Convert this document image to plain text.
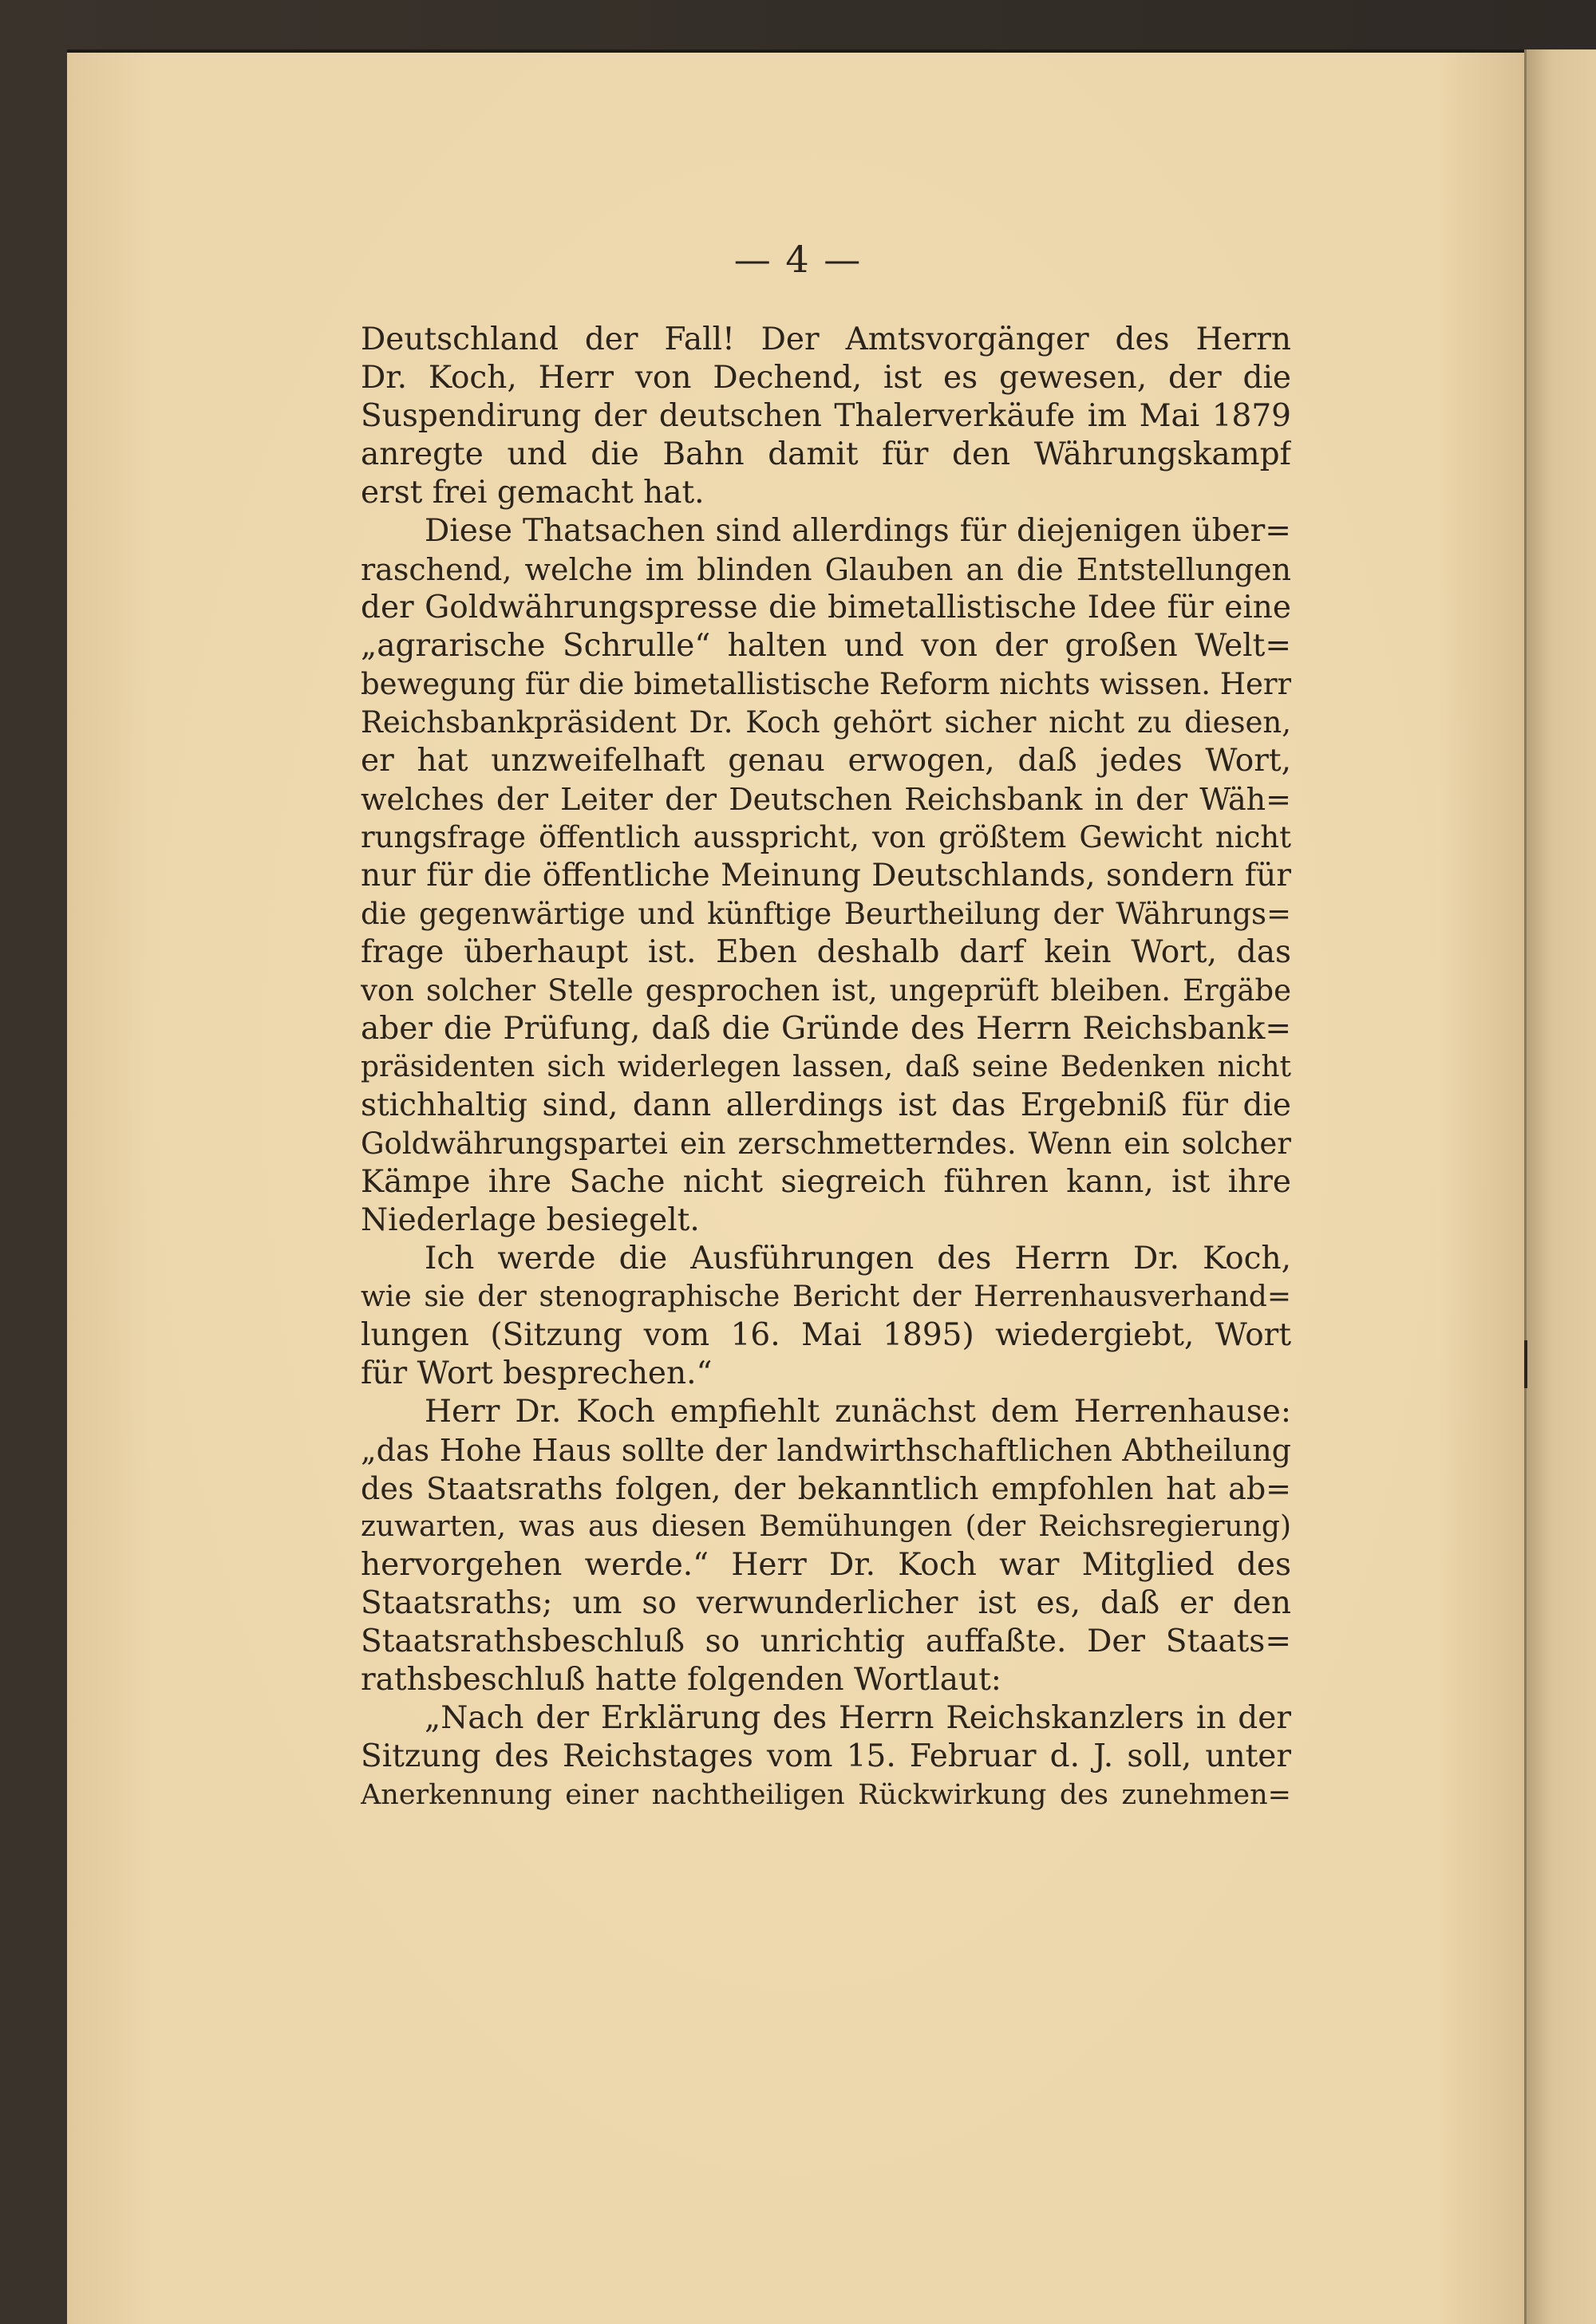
— 4 —
Deutschland der Fall! Der Amtsvorgänger des Herrn
Dr. Koch, Herr von Dechend, ist es gewesen, der die
Suspendirung der deutschen Thalerverkäufe im Mai 1879
anregte und die Bahn damit für den Währungskampf
erst frei gemacht hat.
Diese Thatsachen sind allerdings für diejenigen über=
raschend, welche im blinden Glauben an die Entstellungen
der Goldwährungspresse die bimetallistische Idee für eine
„agrarische Schrulle“ halten und von der großen Welt=
bewegung für die bimetallistische Reform nichts wissen. Herr
Reichsbankpräsident Dr. Koch gehört sicher nicht zu diesen,
er hat unzweifelhaft genau erwogen, daß jedes Wort,
welches der Leiter der Deutschen Reichsbank in der Wäh=
rungsfrage öffentlich ausspricht, von größtem Gewicht nicht
nur für die öffentliche Meinung Deutschlands, sondern für
die gegenwärtige und künftige Beurtheilung der Währungs=
frage überhaupt ist. Eben deshalb darf kein Wort, das
von solcher Stelle gesprochen ist, ungeprüft bleiben. Ergäbe
aber die Prüfung, daß die Gründe des Herrn Reichsbank=
präsidenten sich widerlegen lassen, daß seine Bedenken nicht
stichhaltig sind, dann allerdings ist das Ergebniß für die
Goldwährungspartei ein zerschmetterndes. Wenn ein solcher
Kämpe ihre Sache nicht siegreich führen kann, ist ihre
Niederlage besiegelt.
Ich werde die Ausführungen des Herrn Dr. Koch,
wie sie der stenographische Bericht der Herrenhausverhand=
lungen (Sitzung vom 16. Mai 1895) wiedergiebt, Wort
für Wort besprechen.“
Herr Dr. Koch empfiehlt zunächst dem Herrenhause:
„das Hohe Haus sollte der landwirthschaftlichen Abtheilung
des Staatsraths folgen, der bekanntlich empfohlen hat ab=
zuwarten, was aus diesen Bemühungen (der Reichsregierung)
hervorgehen werde.“ Herr Dr. Koch war Mitglied des
Staatsraths; um so verwunderlicher ist es, daß er den
Staatsrathsbeschluß so unrichtig auffaßte. Der Staats=
rathsbeschluß hatte folgenden Wortlaut:
„Nach der Erklärung des Herrn Reichskanzlers in der
Sitzung des Reichstages vom 15. Februar d. J. soll, unter
Anerkennung einer nachtheiligen Rückwirkung des zunehmen=
